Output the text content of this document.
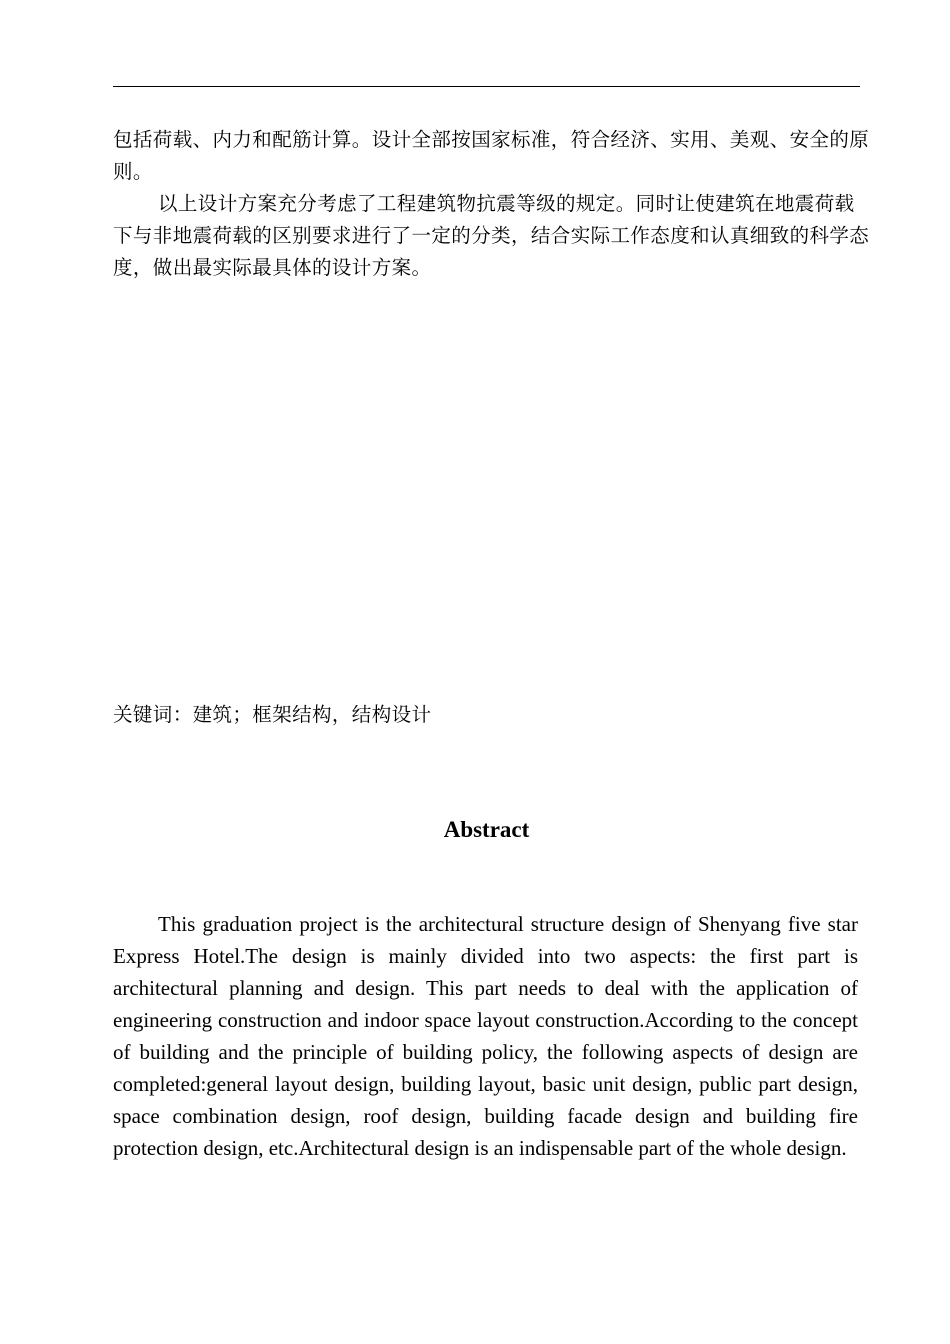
包括荷载、内力和配筋计算。设计全部按国家标准，符合经济、实用、美观、安全的原则。

以上设计方案充分考虑了工程建筑物抗震等级的规定。同时让使建筑在地震荷载下与非地震荷载的区别要求进行了一定的分类，结合实际工作态度和认真细致的科学态度，做出最实际最具体的设计方案。

关键词：建筑；框架结构，结构设计
Abstract

This graduation project is the architectural structure design of Shenyang five star Express Hotel.The design is mainly divided into two aspects: the first part is architectural planning and design. This part needs to deal with the application of engineering construction and indoor space layout construction.According to the concept of building and the principle of building policy, the following aspects of design are completed:general layout design, building layout, basic unit design, public part design, space combination design, roof design, building facade design and building fire protection design, etc.Architectural design is an indispensable part of the whole design.
